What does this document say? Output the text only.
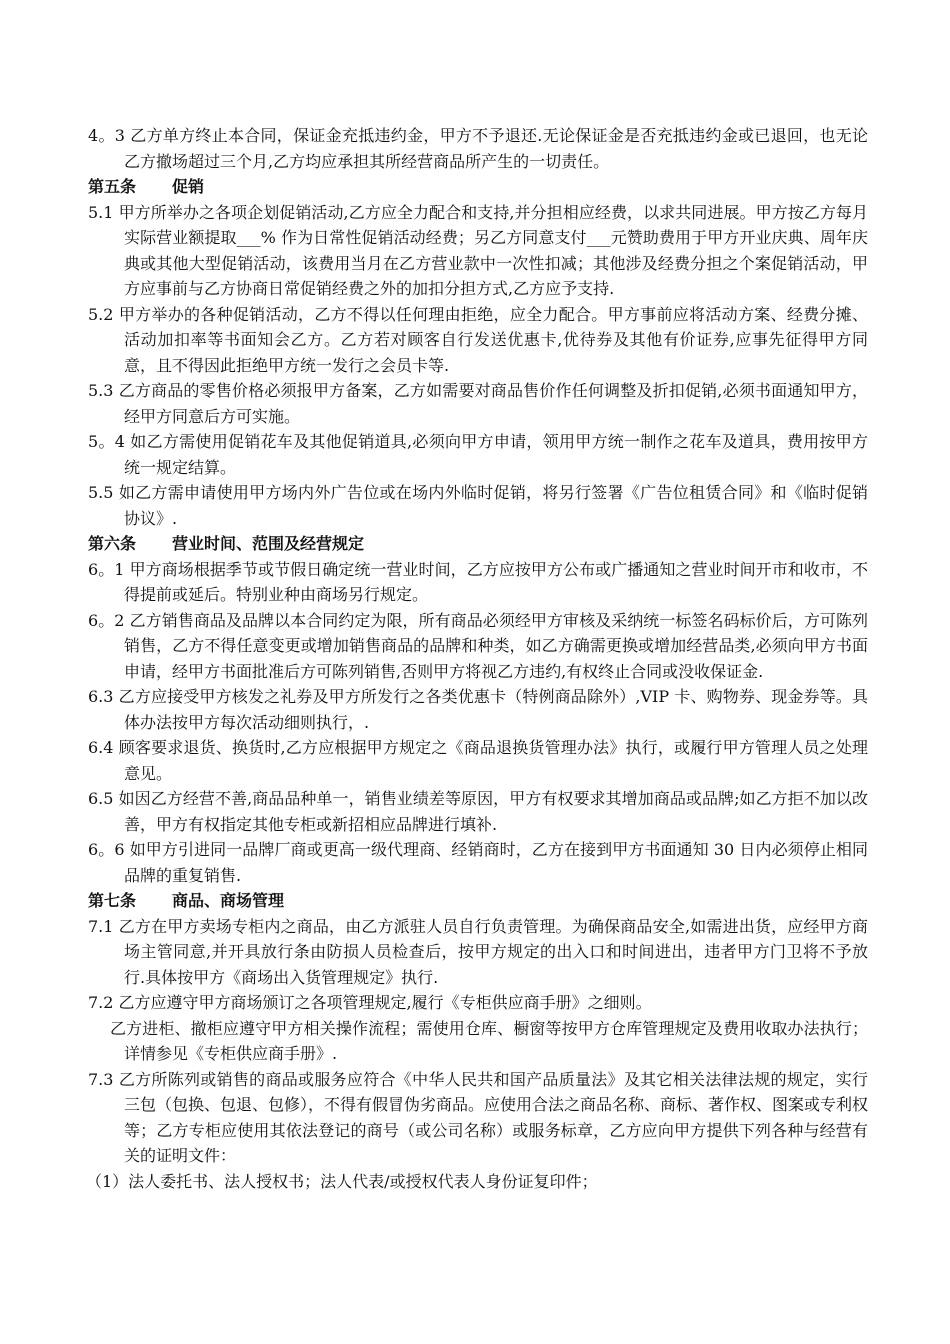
4。3 乙方单方终止本合同，保证金充抵违约金，甲方不予退还.无论保证金是否充抵违约金或已退回，也无论乙方撤场超过三个月,乙方均应承担其所经营商品所产生的一切责任。

第五条 促销

5.1 甲方所举办之各项企划促销活动,乙方应全力配合和支持,并分担相应经费，以求共同进展。甲方按乙方每月实际营业额提取___% 作为日常性促销活动经费；另乙方同意支付___元赞助费用于甲方开业庆典、周年庆典或其他大型促销活动，该费用当月在乙方营业款中一次性扣减；其他涉及经费分担之个案促销活动，甲方应事前与乙方协商日常促销经费之外的加扣分担方式,乙方应予支持.

5.2 甲方举办的各种促销活动，乙方不得以任何理由拒绝，应全力配合。甲方事前应将活动方案、经费分摊、活动加扣率等书面知会乙方。乙方若对顾客自行发送优惠卡,优待券及其他有价证券,应事先征得甲方同意，且不得因此拒绝甲方统一发行之会员卡等.

5.3 乙方商品的零售价格必须报甲方备案，乙方如需要对商品售价作任何调整及折扣促销,必须书面通知甲方，经甲方同意后方可实施。

5。4 如乙方需使用促销花车及其他促销道具,必须向甲方申请，领用甲方统一制作之花车及道具，费用按甲方统一规定结算。

5.5 如乙方需申请使用甲方场内外广告位或在场内外临时促销，将另行签署《广告位租赁合同》和《临时促销协议》.

第六条 营业时间、范围及经营规定

6。1 甲方商场根据季节或节假日确定统一营业时间，乙方应按甲方公布或广播通知之营业时间开市和收市，不得提前或延后。特别业种由商场另行规定。

6。2 乙方销售商品及品牌以本合同约定为限，所有商品必须经甲方审核及采纳统一标签名码标价后，方可陈列销售，乙方不得任意变更或增加销售商品的品牌和种类，如乙方确需更换或增加经营品类,必须向甲方书面申请，经甲方书面批准后方可陈列销售,否则甲方将视乙方违约,有权终止合同或没收保证金.

6.3 乙方应接受甲方核发之礼券及甲方所发行之各类优惠卡（特例商品除外）,VIP 卡、购物券、现金券等。具体办法按甲方每次活动细则执行，.

6.4 顾客要求退货、换货时,乙方应根据甲方规定之《商品退换货管理办法》执行，或履行甲方管理人员之处理意见。

6.5 如因乙方经营不善,商品品种单一，销售业绩差等原因，甲方有权要求其增加商品或品牌;如乙方拒不加以改善，甲方有权指定其他专柜或新招相应品牌进行填补.

6。6 如甲方引进同一品牌厂商或更高一级代理商、经销商时，乙方在接到甲方书面通知 30 日内必须停止相同品牌的重复销售.

第七条 商品、商场管理

7.1 乙方在甲方卖场专柜内之商品，由乙方派驻人员自行负责管理。为确保商品安全,如需进出货，应经甲方商场主管同意,并开具放行条由防损人员检查后，按甲方规定的出入口和时间进出，违者甲方门卫将不予放行.具体按甲方《商场出入货管理规定》执行.

7.2 乙方应遵守甲方商场颁订之各项管理规定,履行《专柜供应商手册》之细则。

乙方进柜、撤柜应遵守甲方相关操作流程；需使用仓库、橱窗等按甲方仓库管理规定及费用收取办法执行；详情参见《专柜供应商手册》.

7.3 乙方所陈列或销售的商品或服务应符合《中华人民共和国产品质量法》及其它相关法律法规的规定，实行三包（包换、包退、包修），不得有假冒伪劣商品。应使用合法之商品名称、商标、著作权、图案或专利权等；乙方专柜应使用其依法登记的商号（或公司名称）或服务标章，乙方应向甲方提供下列各种与经营有关的证明文件：

（1）法人委托书、法人授权书；法人代表/或授权代表人身份证复印件；
